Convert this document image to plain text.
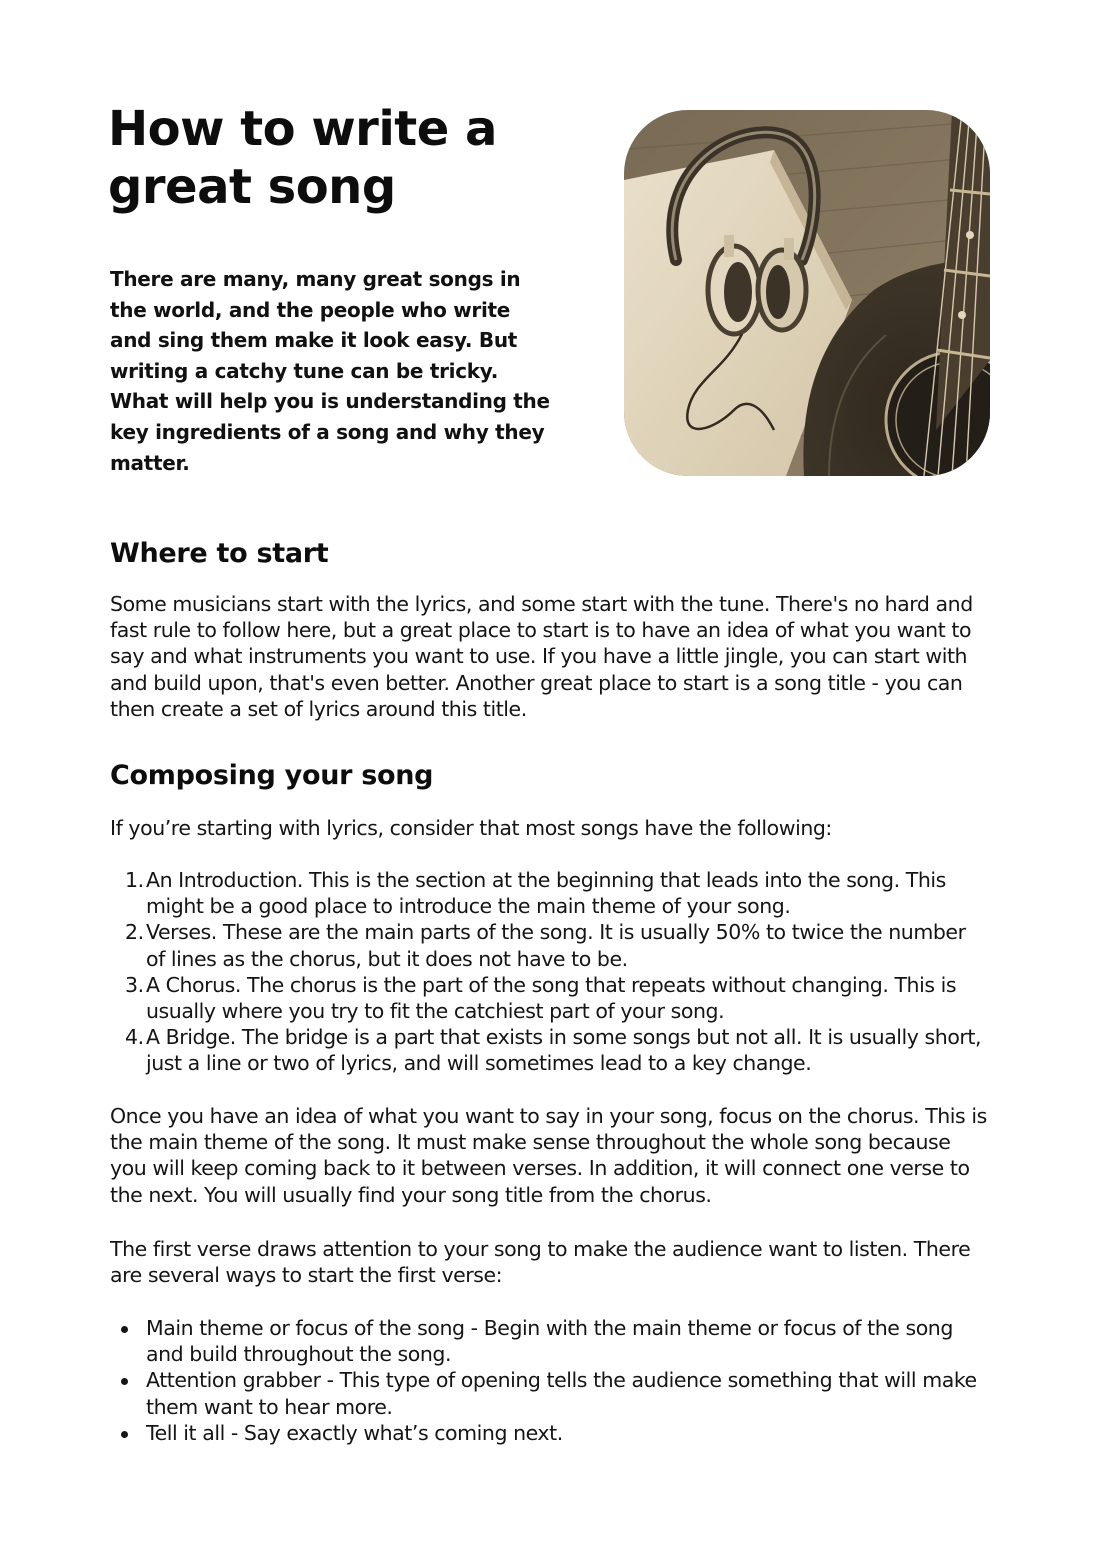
How to write a great song

There are many, many great songs in the world, and the people who write and sing them make it look easy. But writing a catchy tune can be tricky. What will help you is understanding the key ingredients of a song and why they matter.

Where to start

Some musicians start with the lyrics, and some start with the tune. There's no hard and fast rule to follow here, but a great place to start is to have an idea of what you want to say and what instruments you want to use. If you have a little jingle, you can start with and build upon, that's even better. Another great place to start is a song title - you can then create a set of lyrics around this title.

Composing your song

If you’re starting with lyrics, consider that most songs have the following:

1. An Introduction. This is the section at the beginning that leads into the song. This might be a good place to introduce the main theme of your song.
2. Verses. These are the main parts of the song. It is usually 50% to twice the number of lines as the chorus, but it does not have to be.
3. A Chorus. The chorus is the part of the song that repeats without changing. This is usually where you try to fit the catchiest part of your song.
4. A Bridge. The bridge is a part that exists in some songs but not all. It is usually short, just a line or two of lyrics, and will sometimes lead to a key change.

Once you have an idea of what you want to say in your song, focus on the chorus. This is the main theme of the song. It must make sense throughout the whole song because you will keep coming back to it between verses. In addition, it will connect one verse to the next. You will usually find your song title from the chorus.

The first verse draws attention to your song to make the audience want to listen. There are several ways to start the first verse:

Main theme or focus of the song - Begin with the main theme or focus of the song and build throughout the song.
Attention grabber - This type of opening tells the audience something that will make them want to hear more.
Tell it all - Say exactly what’s coming next.
